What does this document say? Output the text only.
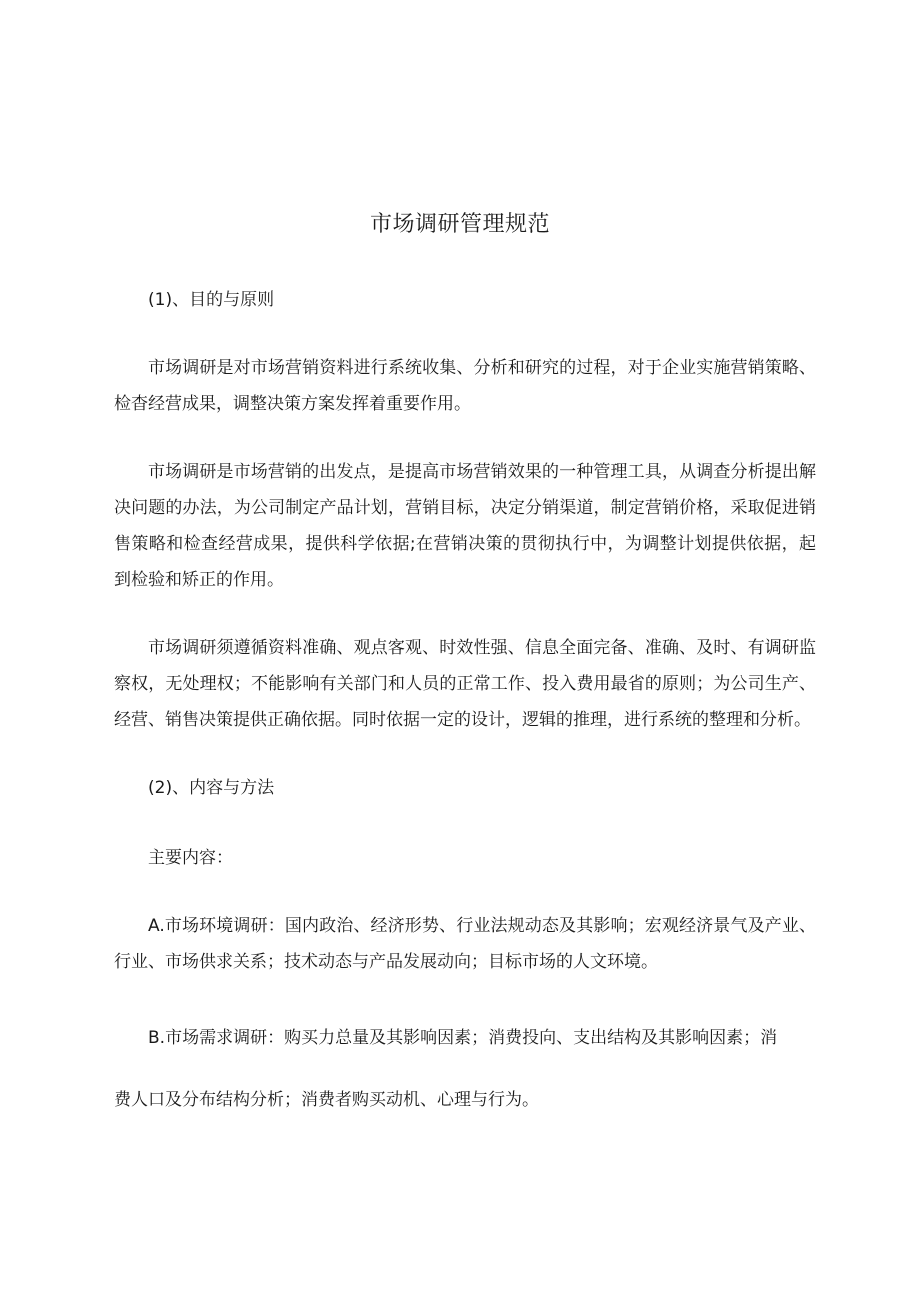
市场调研管理规范

(1)、目的与原则

市场调研是对市场营销资料进行系统收集、分析和研究的过程，对于企业实施营销策略、检杳经营成果，调整决策方案发挥着重要作用。

市场调研是市场营销的出发点，是提高市场营销效果的一种管理工具，从调查分析提出解决问题的办法，为公司制定产品计划，营销目标，决定分销渠道，制定营销价格，采取促进销售策略和检查经营成果，提供科学依据;在营销决策的贯彻执行中，为调整计划提供依据，起到检验和矫正的作用。

市场调研须遵循资料准确、观点客观、时效性强、信息全面完备、准确、及时、有调研监察权，无处理权；不能影响有关部门和人员的正常工作、投入费用最省的原则；为公司生产、经营、销售决策提供正确依据。同时依据一定的设计，逻辑的推理，进行系统的整理和分析。

(2)、内容与方法

主要内容：

A.市场环境调研：国内政治、经济形势、行业法规动态及其影响；宏观经济景气及产业、行业、市场供求关系；技术动态与产品发展动向；目标市场的人文环境。

B.市场需求调研：购买力总量及其影响因素；消费投向、支出结构及其影响因素；消

费人口及分布结构分析；消费者购买动机、心理与行为。
